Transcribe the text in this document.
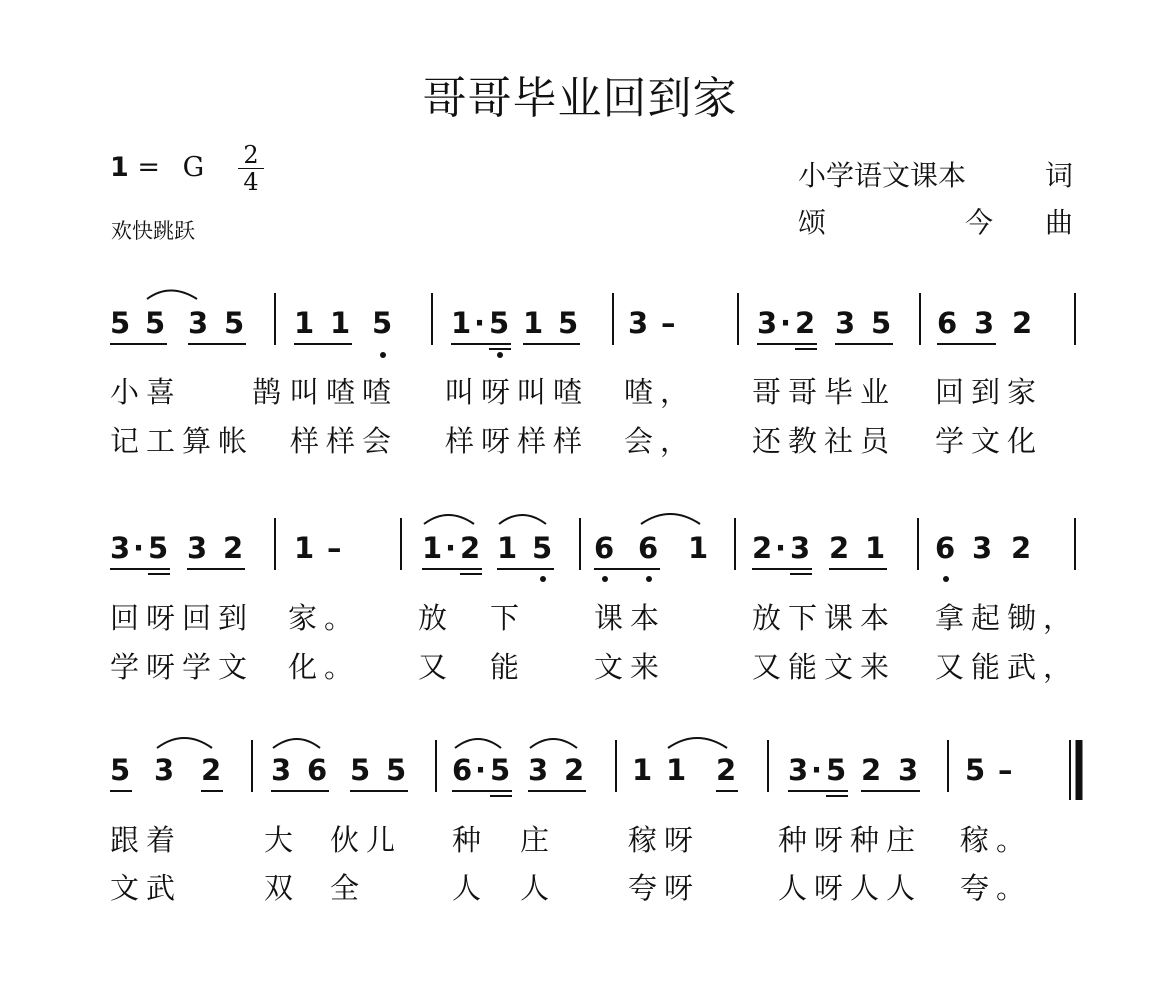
哥哥毕业回到家
1 = G 2
4
欢快跳跃
小学语文课本	词
颂	今 曲
5 5 3 5 1 1 5 1 · 5 1 5 3 –	3 · 2 3 5 6 3 2
3 · 5 3 2 1 –	1 · 2 1 5 6 6 1 2 · 3 2 1 6 3 2
5 3 2 3 6 5 5 6 · 5 3 2 1 1 2 3 · 5 2 3 5 –
小喜 鹊 叫喳喳 叫呀叫喳 喳， 哥哥毕业 回到家
记工算帐 样样会 样呀样样 会， 还教社员 学文化
回呀回到 家。 放 下 课本	放下课本 拿起锄，
学呀学文 化。 又 能 文来	又能文来 又能武，
跟着	大 伙儿 种 庄 稼呀	种呀种庄 稼。
文武	双 全	人 人 夸呀	人呀人人 夸。
